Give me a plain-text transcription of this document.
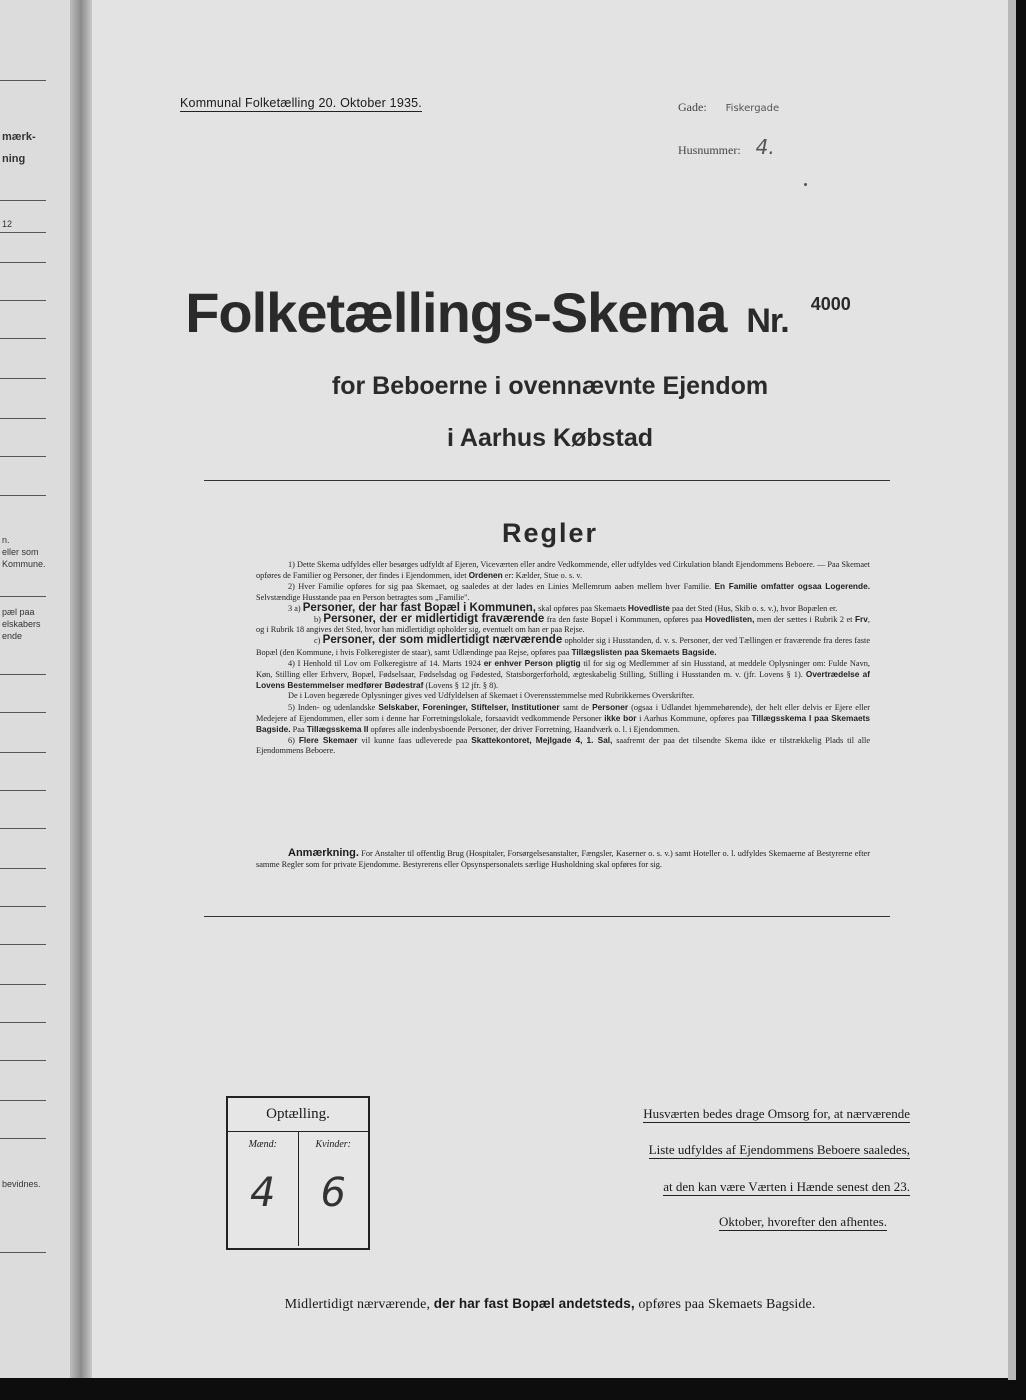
mærk-
ning
12
n.
eller som
Kommune.
pæl paa
elskabers
ende
bevidnes.
Kommunal Folketælling 20. Oktober 1935.	Gade: Fiskergade
Husnummer: 4.
Folketællings-Skema Nr. $^{4000}$
for Beboerne i ovennævnte Ejendom
i Aarhus Købstad
Regler

1) Dette Skema udfyldes eller besørges udfyldt af Ejeren, Viceværten eller andre Vedkommende, eller udfyldes ved Cirkulation blandt Ejendommens Beboere. — Paa Skemaet opføres de Familier og Personer, der findes i Ejendommen, idet Ordenen er: Kælder, Stue o. s. v.

2) Hver Familie opføres for sig paa Skemaet, og saaledes at der lades en Linies Mellemrum aaben mellem hver Familie. En Familie omfatter ogsaa Logerende. Selvstændige Husstande paa en Person betragtes som „Familie".

3 a) Personer, der har fast Bopæl i Kommunen, skal opføres paa Skemaets Hovedliste paa det Sted (Hus, Skib o. s. v.), hvor Bopælen er.

b) Personer, der er midlertidigt fraværende fra den faste Bopæl i Kommunen, opføres paa Hovedlisten, men der sættes i Rubrik 2 et Frv, og i Rubrik 18 angives det Sted, hvor han midlertidigt opholder sig, eventuelt om han er paa Rejse.

c) Personer, der som midlertidigt nærværende opholder sig i Husstanden, d. v. s. Personer, der ved Tællingen er fraværende fra deres faste Bopæl (den Kommune, i hvis Folkeregister de staar), samt Udlændinge paa Rejse, opføres paa Tillægslisten paa Skemaets Bagside.

4) I Henhold til Lov om Folkeregistre af 14. Marts 1924 er enhver Person pligtig til for sig og Medlemmer af sin Husstand, at meddele Oplysninger om: Fulde Navn, Køn, Stilling eller Erhverv, Bopæl, Fødselsaar, Fødselsdag og Fødested, Statsborgerforhold, ægteskabelig Stilling, Stilling i Husstanden m. v. (jfr. Lovens § 1). Overtrædelse af Lovens Bestemmelser medfører Bødestraf (Lovens § 12 jfr. § 8).

De i Loven begærede Oplysninger gives ved Udfyldelsen af Skemaet i Overensstemmelse med Rubrikkernes Overskrifter.

5) Inden- og udenlandske Selskaber, Foreninger, Stiftelser, Institutioner samt de Personer (ogsaa i Udlandet hjemmehørende), der helt eller delvis er Ejere eller Medejere af Ejendommen, eller som i denne har Forretningslokale, forsaavidt vedkommende Personer ikke bor i Aarhus Kommune, opføres paa Tillægsskema I paa Skemaets Bagside. Paa Tillægsskema II opføres alle indenbysboende Personer, der driver Forretning, Haandværk o. l. i Ejendommen.

6) Flere Skemaer vil kunne faas udleverede paa Skattekontoret, Mejlgade 4, 1. Sal, saafremt der paa det tilsendte Skema ikke er tilstrækkelig Plads til alle Ejendommens Beboere.

Anmærkning. For Anstalter til offentlig Brug (Hospitaler, Forsørgelsesanstalter, Fængsler, Kaserner o. s. v.) samt Hoteller o. l. udfyldes Skemaerne af Bestyrerne efter samme Regler som for private Ejendomme. Bestyrerens eller Opsynspersonalets særlige Husholdning skal opføres for sig.
Optælling.
Mænd:
4
Kvinder:
6
Husværten bedes drage Omsorg for, at nærværende
Liste udfyldes af Ejendommens Beboere saaledes,
at den kan være Værten i Hænde senest den 23.
Oktober, hvorefter den afhentes.
Midlertidigt nærværende, der har fast Bopæl andetsteds, opføres paa Skemaets Bagside.
